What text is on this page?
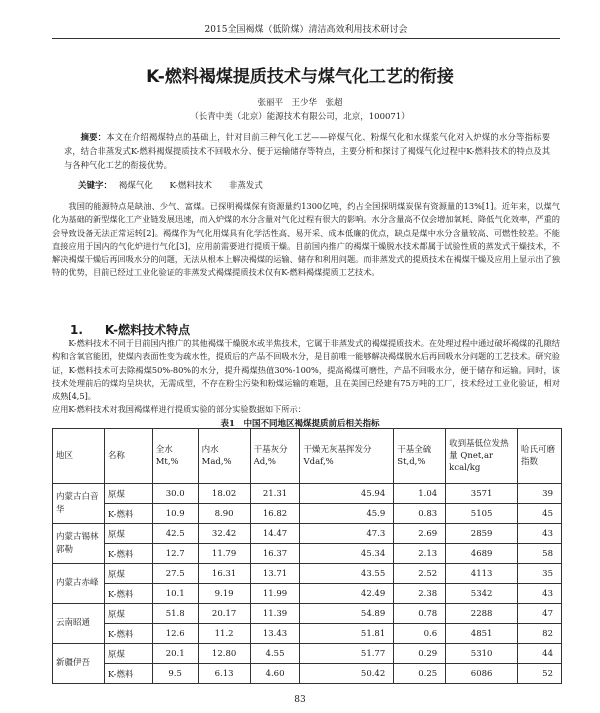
2015全国褐煤（低阶煤）清洁高效利用技术研讨会
K-燃料褐煤提质技术与煤气化工艺的衔接
张丽平　王少华　张超
（长青中美（北京）能源技术有限公司，北京，100071）
摘要：本文在介绍褐煤特点的基础上，针对目前三种气化工艺——碎煤气化、粉煤气化和水煤浆气化对入炉煤的水分等指标要求，结合非蒸发式K-燃料褐煤提质技术不回吸水分、便于运输储存等特点，主要分析和探讨了褐煤气化过程中K-燃料技术的特点及其与各种气化工艺的衔接优势。
关键字： 褐煤气化 K-燃料技术 非蒸发式
我国的能源特点是缺油、少气、富煤。已探明褐煤保有资源量约1300亿吨，约占全国探明煤炭保有资源量的13%[1]。近年来，以煤气化为基础的新型煤化工产业链发展迅速，而入炉煤的水分含量对气化过程有很大的影响。水分含量高不仅会增加氧耗、降低气化效率，严重的会导致设备无法正常运转[2]。褐煤作为气化用煤具有化学活性高、易开采、成本低廉的优点，缺点是煤中水分含量较高、可燃性较差。不能直接应用于国内的气化炉进行气化[3]，应用前需要进行提质干燥。目前国内推广的褐煤干燥脱水技术都属于试验性质的蒸发式干燥技术，不解决褐煤干燥后再回吸水分的问题，无法从根本上解决褐煤的运输、储存和利用问题。而非蒸发式的提质技术在褐煤干燥及应用上显示出了独特的优势，目前已经过工业化验证的非蒸发式褐煤提质技术仅有K-燃料褐煤提质工艺技术。
1. K-燃料技术特点
K-燃料技术不同于目前国内推广的其他褐煤干燥脱水或半焦技术，它属于非蒸发式的褐煤提质技术。在处理过程中通过破坏褐煤的孔隙结构和含氧官能团，使煤内表面性变为疏水性，提质后的产品不回吸水分，是目前唯一能够解决褐煤脱水后再回吸水分问题的工艺技术。研究验证，K-燃料技术可去除褐煤50%-80%的水分，提升褐煤热值30%-100%，提高褐煤可磨性，产品不回吸水分，便于储存和运输。同时，该技术处理前后的煤均呈块状，无需成型，不存在粉尘污染和粉煤运输的难题，且在美国已经建有75万吨的工厂，技术经过工业化验证，相对成熟[4,5]。
应用K-燃料技术对我国褐煤样进行提质实验的部分实验数据如下所示：
表1　中国不同地区褐煤提质前后相关指标
地区	名称	全水 Mt,%	内水 Mad,%	干基灰分 Ad,%	干燥无灰基挥发分 Vdaf,%	干基全硫 St,d,%	收到基低位发热量 Qnet,ar kcal/kg	哈氏可磨指数
内蒙古白音华	原煤	30.0	18.02	21.31	45.94	1.04	3571	39
	K-燃料	10.9	8.90	16.82	45.9	0.83	5105	45
内蒙古锡林郭勒	原煤	42.5	32.42	14.47	47.3	2.69	2859	43
	K-燃料	12.7	11.79	16.37	45.34	2.13	4689	58
内蒙古赤峰	原煤	27.5	16.31	13.71	43.55	2.52	4113	35
	K-燃料	10.1	9.19	11.99	42.49	2.38	5342	43
云南昭通	原煤	51.8	20.17	11.39	54.89	0.78	2288	47
	K-燃料	12.6	11.2	13.43	51.81	0.6	4851	82
新疆伊吾	原煤	20.1	12.80	4.55	51.77	0.29	5310	44
	K-燃料	9.5	6.13	4.60	50.42	0.25	6086	52
83
